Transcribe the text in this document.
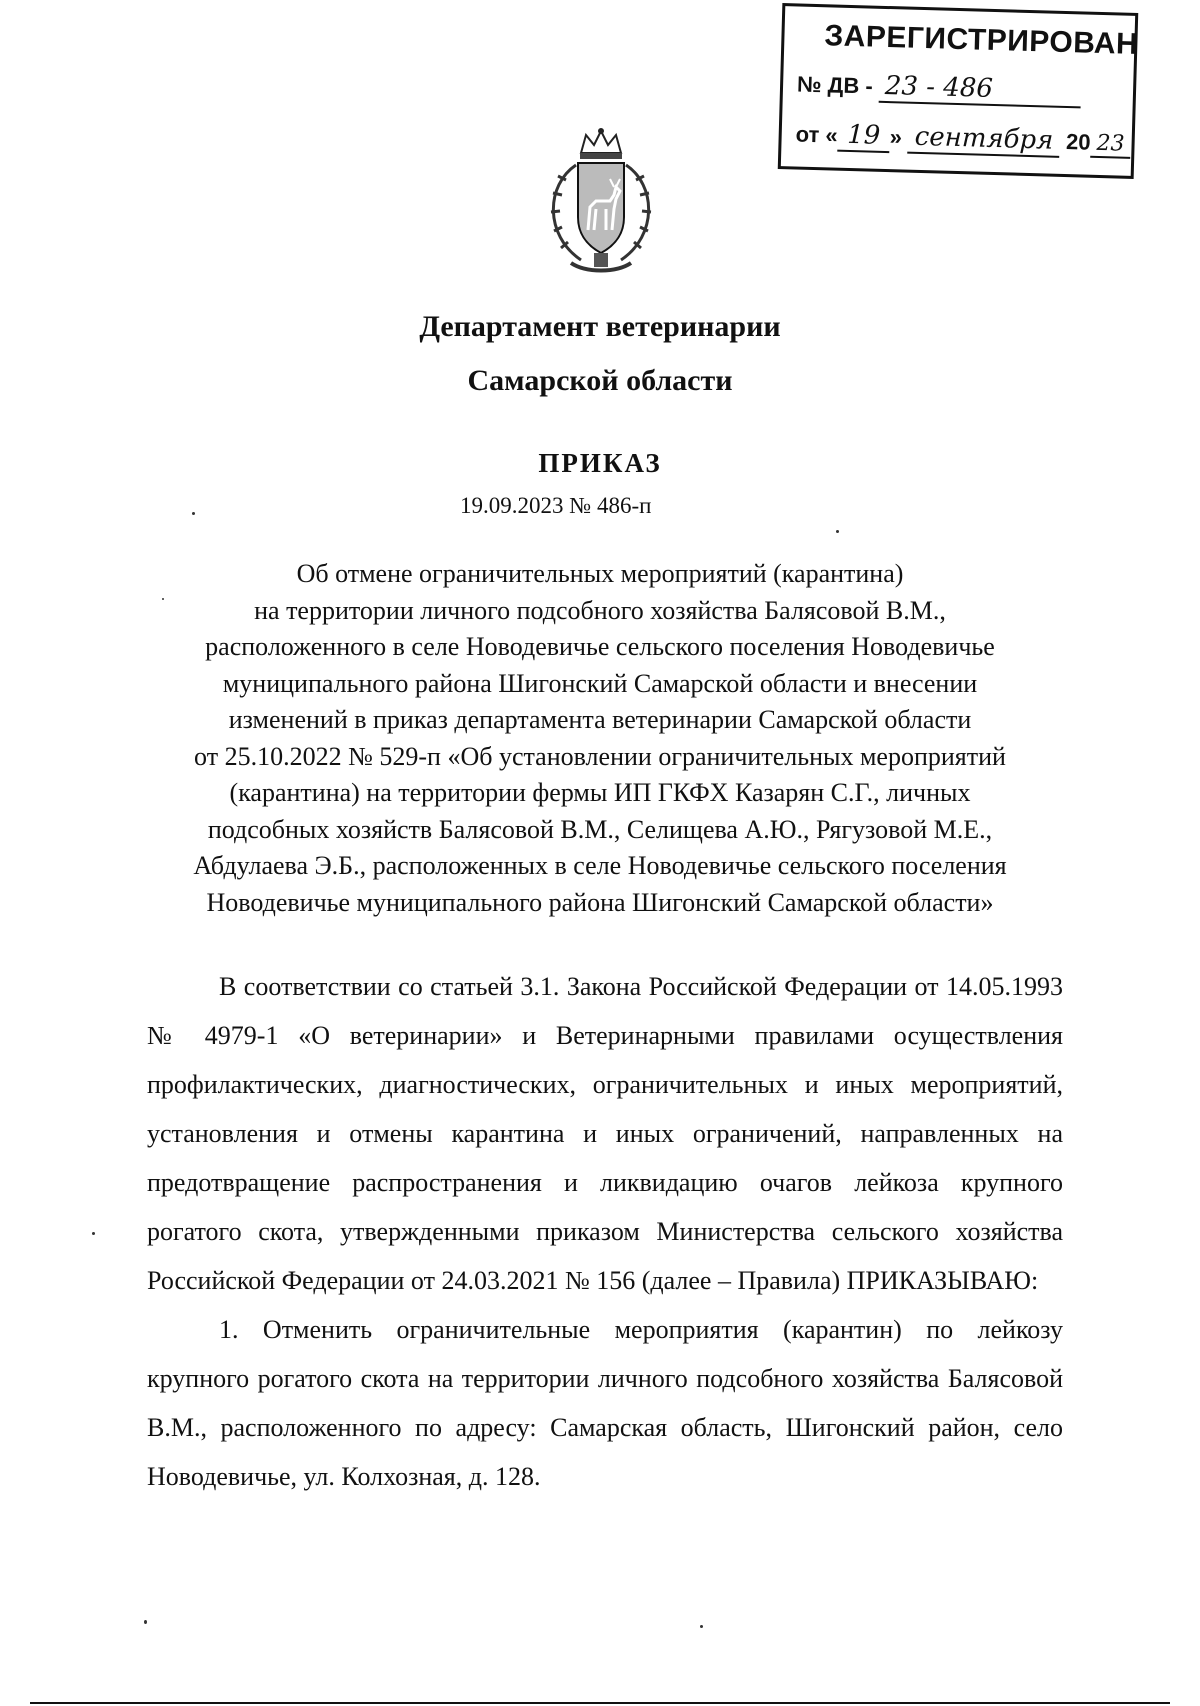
ЗАРЕГИСТРИРОВАН
№ ДВ - 23 - 486
от « 19 » сентября 20 23
Департамент ветеринарии
Самарской области
ПРИКАЗ
19.09.2023 № 486-п
Об отмене ограничительных мероприятий (карантина)
на территории личного подсобного хозяйства Балясовой В.М.,
расположенного в селе Новодевичье сельского поселения Новодевичье
муниципального района Шигонский Самарской области и внесении
изменений в приказ департамента ветеринарии Самарской области
от 25.10.2022 № 529-п «Об установлении ограничительных мероприятий
(карантина) на территории фермы ИП ГКФХ Казарян С.Г., личных
подсобных хозяйств Балясовой В.М., Селищева А.Ю., Рягузовой М.Е.,
Абдулаева Э.Б., расположенных в селе Новодевичье сельского поселения
Новодевичье муниципального района Шигонский Самарской области»

В соответствии со статьей 3.1. Закона Российской Федерации от 14.05.1993 № 4979-1 «О ветеринарии» и Ветеринарными правилами осуществления профилактических, диагностических, ограничительных и иных мероприятий, установления и отмены карантина и иных ограничений, направленных на предотвращение распространения и ликвидацию очагов лейкоза крупного рогатого скота, утвержденными приказом Министерства сельского хозяйства Российской Федерации от 24.03.2021 № 156 (далее – Правила) ПРИКАЗЫВАЮ:

1. Отменить ограничительные мероприятия (карантин) по лейкозу крупного рогатого скота на территории личного подсобного хозяйства Балясовой В.М., расположенного по адресу: Самарская область, Шигонский район, село Новодевичье, ул. Колхозная, д. 128.
